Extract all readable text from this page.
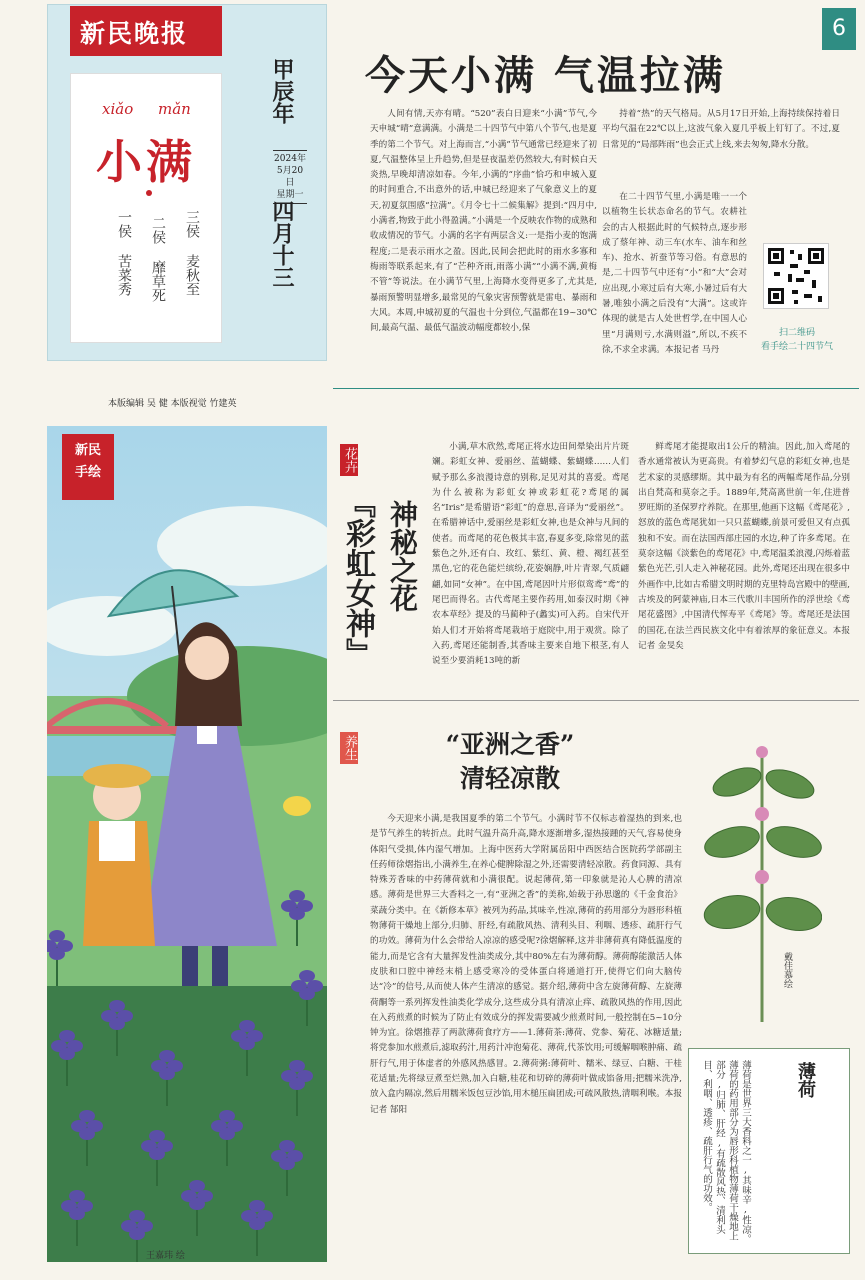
新民晚报
xiǎo mǎn
小满
三侯 麦秋至
二侯 靡草死
一侯 苦菜秀
甲辰年
2024年
5月20日
星期一
四月十三
本版编辑 吴 健 本版视觉 竹建英
6
今天小满 气温拉满

人间有情,天亦有晴。“520”表白日迎来“小满”节气,今天申城“晴”意满满。小满是二十四节气中第八个节气,也是夏季的第二个节气。对上海而言,“小满”节气通常已经迎来了初夏,气温整体呈上升趋势,但是昼夜温差仍然较大,有时候白天炎热,早晚却清凉如春。今年,小满的“序曲”恰巧和申城入夏的时间重合,不出意外的话,申城已经迎来了气象意义上的夏天,初夏氛围感“拉满”。《月令七十二候集解》提到:“四月中,小满者,物致于此小得盈满。”小满是一个反映农作物的成熟和收成情况的节气。小满的名字有两层含义:一是指小麦的饱满程度;二是表示雨水之盈。因此,民间会把此时的雨水多寡和梅雨等联系起来,有了“芒种齐雨,雨落小满”“小满不满,黄梅不管”等说法。在小满节气里,上海降水变得更多了,尤其是,暴雨预警明显增多,最常见的气象灾害预警就是雷电、暴雨和大风。本周,申城初夏的气温也十分到位,气温都在19~30℃间,最高气温、最低气温波动幅度都较小,保

持着“热”的天气格局。从5月17日开始,上海持续保持着日平均气温在22℃以上,这波气象入夏几乎板上钉钉了。不过,夏日常见的“局部阵雨”也会正式上线,来去匆匆,降水分散。

在二十四节气里,小满是唯一一个以植物生长状态命名的节气。农耕社会的古人根据此时的气候特点,逐步形成了蔡年神、动三车(水车、油车和丝车)、抢水、祈蚕节等习俗。有意思的是,二十四节气中还有“小”和“大”会对应出现,小寒过后有大寒,小暑过后有大暑,唯独小满之后没有“大满”。这或许体现的就是古人处世哲学,在中国人心里“月满则亏,水满则溢”,所以,不疾不徐,不求全求满。本报记者 马丹

扫二维码
看手绘二十四节气
新民
手绘
王嘉玮 绘
花卉
神秘之花
『彩虹女神』

小满,草木欣然,鸢尾正将水边田间晕染出片片斑斓。彩虹女神、爱丽丝、蓝蝴蝶、紫蝴蝶……人们赋予那么多浪漫诗意的别称,足见对其的喜爱。鸢尾为什么被称为彩虹女神或彩虹花?鸢尾的属名“Iris”是希腊语“彩虹”的意思,音译为“爱丽丝”。在希腊神话中,爱丽丝是彩虹女神,也是众神与凡间的使者。而鸢尾的花色极其丰富,春夏多变,除常见的蓝紫色之外,还有白、玫红、紫红、黄、橙、褐红甚至黑色,它的花色能烂缤纷,花姿娴静,叶片青翠,气质翩翩,如同“女神”。在中国,鸢尾因叶片形似鸾鸢“鸢”的尾巴而得名。古代鸢尾主要作药用,如泰汉时期《神农本草经》提及的马蔺种子(蠡实)可入药。自宋代开始人们才开始将鸢尾栽培于庭院中,用于观赏。除了入药,鸢尾还能制香,其香味主要来自地下根茎,有人说至少要消耗13吨的新

鲜鸢尾才能提取出1公斤的精油。因此,加入鸢尾的香水通常被认为更高贵。有着梦幻气息的彩虹女神,也是艺术家的灵感缪斯。其中最为有名的两幅鸢尾作品,分别出自梵高和莫奈之手。1889年,梵高离世前一年,住进普罗旺斯的圣保罗疗养院。在那里,他画下这幅《鸢尾花》,怒放的蓝色鸢尾犹如一只只蓝蝴蝶,前景可爱但又有点孤独和不安。而在法国西部庄园的水边,种了许多鸢尾。在莫奈这幅《淡紫色的鸢尾花》中,鸢尾温柔浪漫,闪烁着蓝紫色光芒,引人走入神秘花园。此外,鸢尾还出现在很多中外画作中,比如古希腊文明时期的克里特岛宫殿中的壁画,古埃及的阿蒙神庙,日本三代歌川丰国所作的浮世绘《鸢尾花盛图》,中国清代恽寿平《鸢尾》等。鸢尾还是法国的国花,在法兰西民族文化中有着浓厚的象征意义。本报记者 金旻矣

养生	“亚洲之香”
清轻凉散

今天迎来小满,是我国夏季的第二个节气。小满时节不仅标志着湿热的到来,也是节气养生的转折点。此时气温升高升高,降水逐渐增多,湿热接踵的天气,容易使身体阳气受损,体内湿气增加。上海中医药大学附属岳阳中西医结合医院药学部副主任药师徐熠指出,小满养生,在养心健脾除湿之外,还需要清轻凉散。药食同源、具有特殊芳香味的中药薄荷就和小满很配。说起薄荷,第一印象就是沁人心脾的清凉感。薄荷是世界三大香料之一,有“亚洲之香”的美称,始载于孙思邈的《千金食治》菜蔬分类中。在《新修本草》被列为药品,其味辛,性凉,薄荷的药用部分为唇形科植物薄荷干燥地上部分,归肺、肝经,有疏散风热、清利头目、利咽、透疹、疏肝行气的功效。薄荷为什么会带给人凉凉的感受呢?徐熠解释,这并非薄荷真有降低温度的能力,而是它含有大量挥发性油类成分,其中80%左右为薄荷醇。薄荷醇能激活人体皮肤和口腔中神经末梢上感受寒冷的受体蛋白将通道打开,使得它们向大脑传达“冷”的信号,从而使人体产生清凉的感觉。据介绍,薄荷中含左旋薄荷醇、左旋薄荷酮等一系列挥发性油类化学成分,这些成分具有清凉止痒、疏散风热的作用,因此在入药煎煮的时候为了防止有效成分的挥发需要减少煎煮时间,一般控制在5~10分钟为宜。徐熠推荐了两款薄荷食疗方——1.薄荷茶:薄荷、党参、菊花、冰糖适量;将党参加水煎煮后,滤取药汁,用药汁冲泡菊花、薄荷,代茶饮用;可缓解咽喉肿痛、疏肝行气,用于体虚者的外感风热感冒。2.薄荷粥:薄荷叶、糯米、绿豆、白糖、干桂花适量;先将绿豆煮至烂熟,加入白糖,桂花和切碎的薄荷叶做成馅备用;把糯米洗净,放入盒内隔凉,然后用糯米饭包豆沙馅,用木槌压扁团成;可疏风散热,清咽利喉。本报记者 郜阳

戴佳慕绘
薄荷

薄荷是世界三大香料之一,其味辛,性凉。薄荷的药用部分为唇形科植物薄荷干燥地上部分,归肺、肝经,有疏散风热、清利头目、利咽、透疹、疏肝行气的功效。
